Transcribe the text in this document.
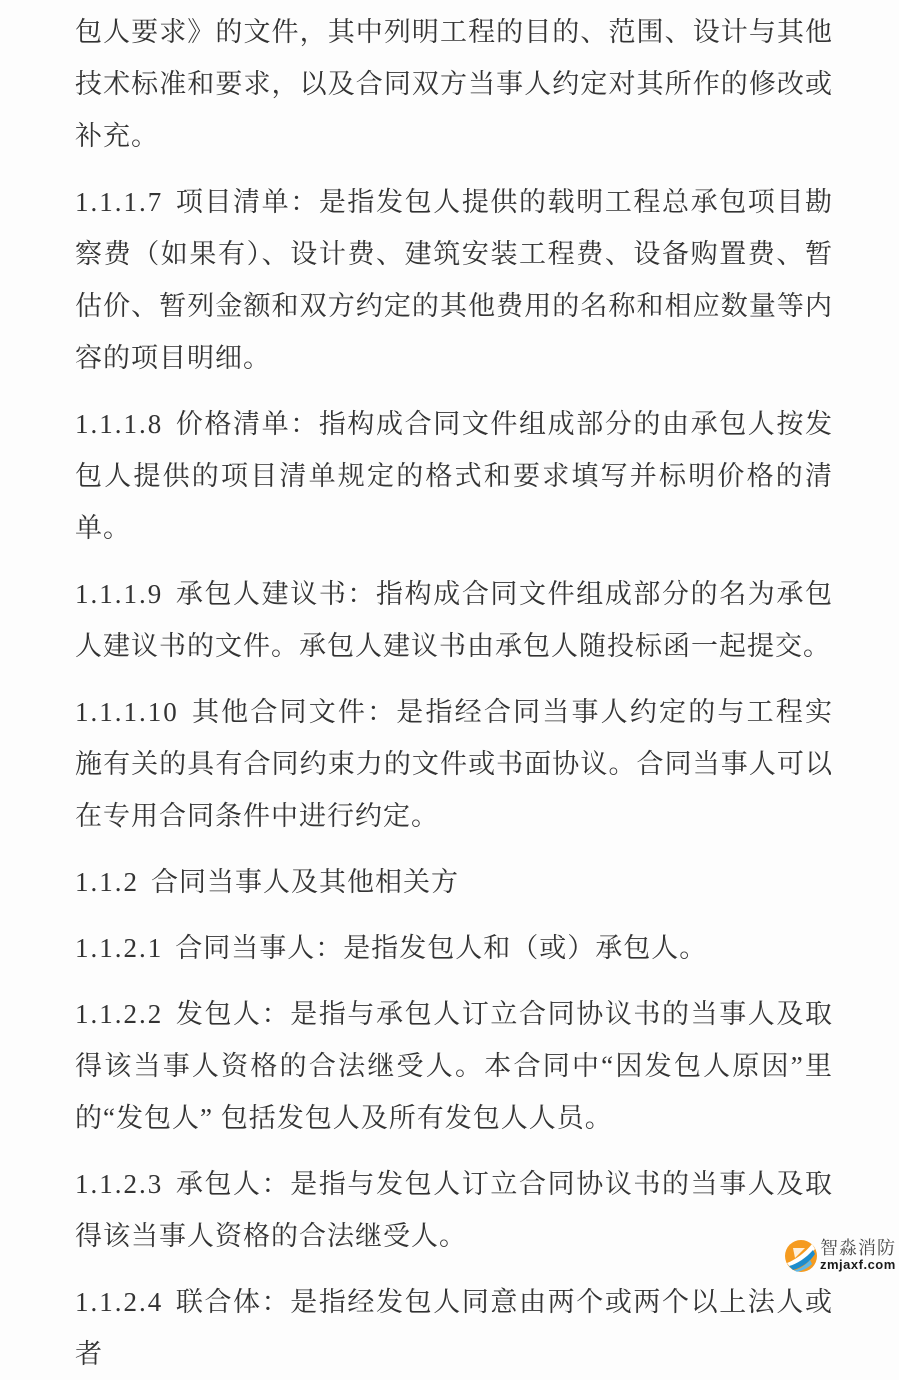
包人要求》的文件，其中列明工程的目的、范围、设计与其他技术标准和要求，以及合同双方当事人约定对其所作的修改或补充。

1.1.1.7 项目清单：是指发包人提供的载明工程总承包项目勘察费（如果有）、设计费、建筑安装工程费、设备购置费、暂估价、暂列金额和双方约定的其他费用的名称和相应数量等内容的项目明细。

1.1.1.8 价格清单：指构成合同文件组成部分的由承包人按发包人提供的项目清单规定的格式和要求填写并标明价格的清单。

1.1.1.9 承包人建议书：指构成合同文件组成部分的名为承包人建议书的文件。承包人建议书由承包人随投标函一起提交。

1.1.1.10 其他合同文件：是指经合同当事人约定的与工程实施有关的具有合同约束力的文件或书面协议。合同当事人可以在专用合同条件中进行约定。

1.1.2 合同当事人及其他相关方

1.1.2.1 合同当事人：是指发包人和（或）承包人。

1.1.2.2 发包人：是指与承包人订立合同协议书的当事人及取得该当事人资格的合法继受人。本合同中“因发包人原因”里的“发包人” 包括发包人及所有发包人人员。

1.1.2.3 承包人：是指与发包人订立合同协议书的当事人及取得该当事人资格的合法继受人。

1.1.2.4 联合体：是指经发包人同意由两个或两个以上法人或者

智淼消防
zmjaxf.com
